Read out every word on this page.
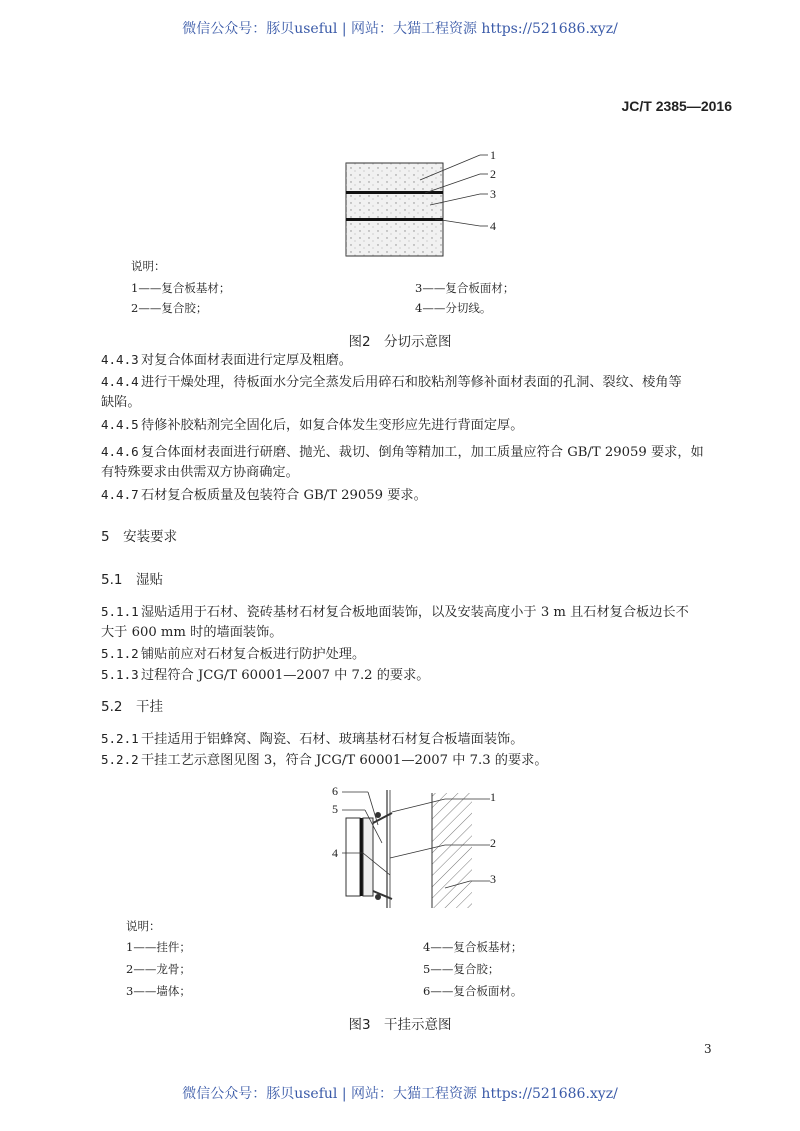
微信公众号：豚贝useful | 网站：大猫工程资源 https://521686.xyz/
JC/T 2385—2016
1
2
3
4
说明：
1——复合板基材；
2——复合胶；
3——复合板面材；
4——分切线。
图2　分切示意图
4.4.3 对复合体面材表面进行定厚及粗磨。
4.4.4 进行干燥处理，待板面水分完全蒸发后用碎石和胶粘剂等修补面材表面的孔洞、裂纹、棱角等
缺陷。
4.4.5 待修补胶粘剂完全固化后，如复合体发生变形应先进行背面定厚。
4.4.6 复合体面材表面进行研磨、抛光、裁切、倒角等精加工，加工质量应符合 GB/T 29059 要求，如
有特殊要求由供需双方协商确定。
4.4.7 石材复合板质量及包装符合 GB/T 29059 要求。
5　安装要求
5.1　湿贴
5.1.1 湿贴适用于石材、瓷砖基材石材复合板地面装饰，以及安装高度小于 3 m 且石材复合板边长不
大于 600 mm 时的墙面装饰。
5.1.2 铺贴前应对石材复合板进行防护处理。
5.1.3 过程符合 JCG/T 60001—2007 中 7.2 的要求。
5.2　干挂
5.2.1 干挂适用于铝蜂窝、陶瓷、石材、玻璃基材石材复合板墙面装饰。
5.2.2 干挂工艺示意图见图 3，符合 JCG/T 60001—2007 中 7.3 的要求。
1
2
3
4
5
6
说明：
1——挂件；
2——龙骨；
3——墙体；
4——复合板基材；
5——复合胶；
6——复合板面材。
图3　干挂示意图
3
微信公众号：豚贝useful | 网站：大猫工程资源 https://521686.xyz/
